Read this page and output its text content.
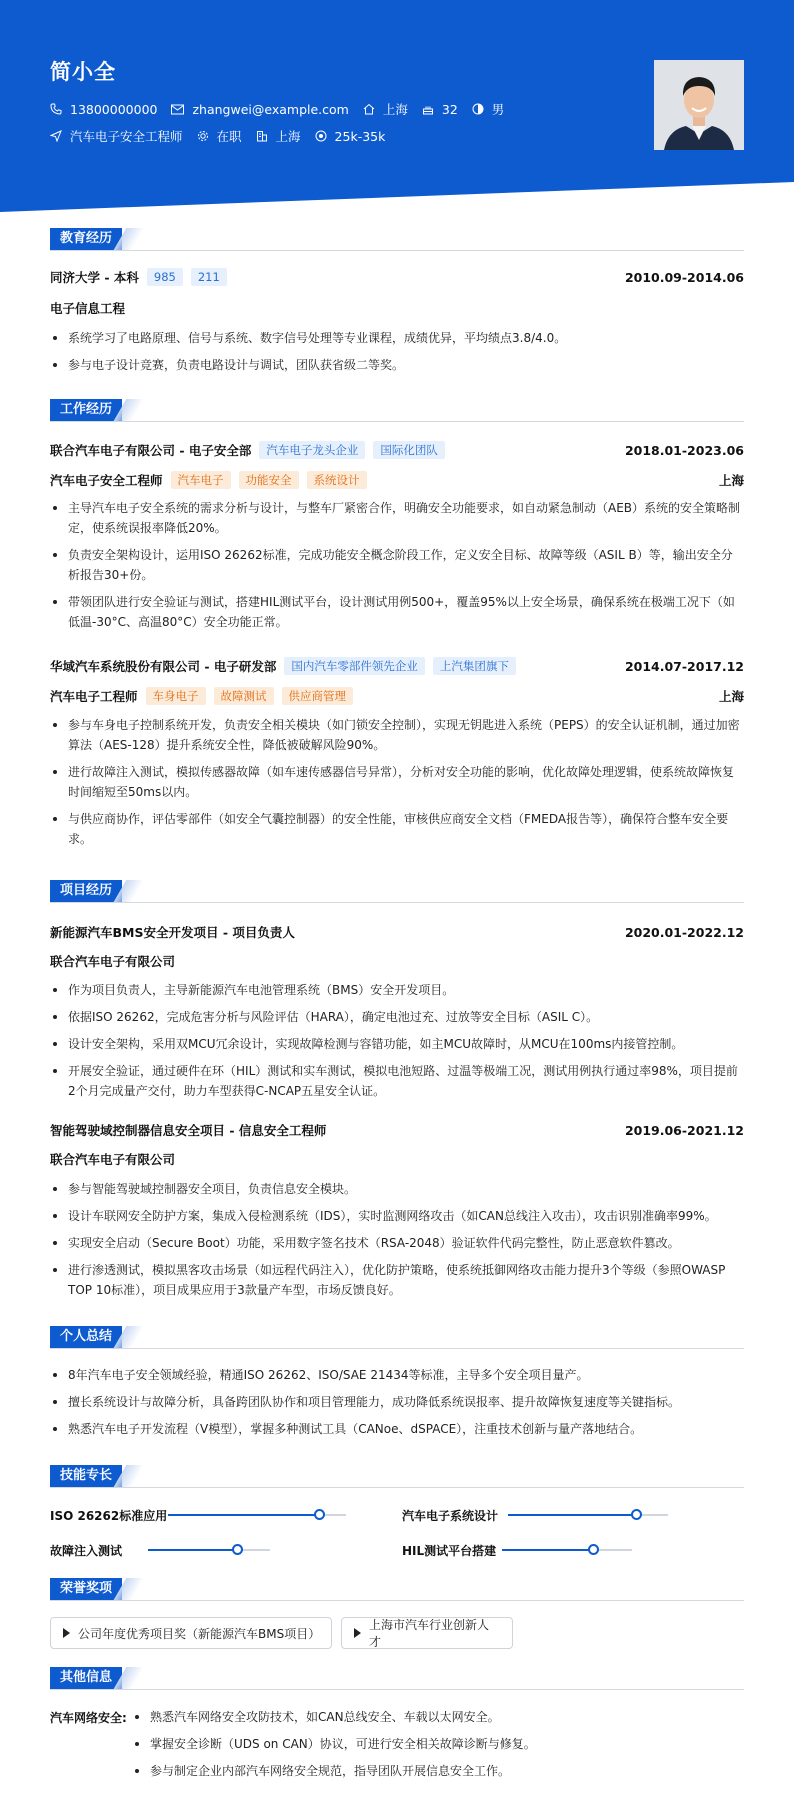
简小全
13800000000	zhangwei@example.com	上海	32	男
汽车电子安全工程师	在职	上海	25k-35k
教育经历
同济大学 - 本科	985	211	2010.09-2014.06
电子信息工程
系统学习了电路原理、信号与系统、数字信号处理等专业课程，成绩优异，平均绩点3.8/4.0。
参与电子设计竞赛，负责电路设计与调试，团队获省级二等奖。
工作经历
联合汽车电子有限公司 - 电子安全部	汽车电子龙头企业	国际化团队	2018.01-2023.06
汽车电子安全工程师	汽车电子	功能安全	系统设计	上海
主导汽车电子安全系统的需求分析与设计，与整车厂紧密合作，明确安全功能要求，如自动紧急制动（AEB）系统的安全策略制定，使系统误报率降低20%。
负责安全架构设计，运用ISO 26262标准，完成功能安全概念阶段工作，定义安全目标、故障等级（ASIL B）等，输出安全分析报告30+份。
带领团队进行安全验证与测试，搭建HIL测试平台，设计测试用例500+，覆盖95%以上安全场景，确保系统在极端工况下（如低温-30°C、高温80°C）安全功能正常。
华域汽车系统股份有限公司 - 电子研发部	国内汽车零部件领先企业	上汽集团旗下	2014.07-2017.12
汽车电子工程师	车身电子	故障测试	供应商管理	上海
参与车身电子控制系统开发，负责安全相关模块（如门锁安全控制），实现无钥匙进入系统（PEPS）的安全认证机制，通过加密算法（AES-128）提升系统安全性，降低被破解风险90%。
进行故障注入测试，模拟传感器故障（如车速传感器信号异常），分析对安全功能的影响，优化故障处理逻辑，使系统故障恢复时间缩短至50ms以内。
与供应商协作，评估零部件（如安全气囊控制器）的安全性能，审核供应商安全文档（FMEDA报告等），确保符合整车安全要求。
项目经历
新能源汽车BMS安全开发项目 - 项目负责人	2020.01-2022.12
联合汽车电子有限公司
作为项目负责人，主导新能源汽车电池管理系统（BMS）安全开发项目。
依据ISO 26262，完成危害分析与风险评估（HARA），确定电池过充、过放等安全目标（ASIL C）。
设计安全架构，采用双MCU冗余设计，实现故障检测与容错功能，如主MCU故障时，从MCU在100ms内接管控制。
开展安全验证，通过硬件在环（HIL）测试和实车测试，模拟电池短路、过温等极端工况，测试用例执行通过率98%，项目提前2个月完成量产交付，助力车型获得C-NCAP五星安全认证。
智能驾驶域控制器信息安全项目 - 信息安全工程师	2019.06-2021.12
联合汽车电子有限公司
参与智能驾驶域控制器安全项目，负责信息安全模块。
设计车联网安全防护方案，集成入侵检测系统（IDS），实时监测网络攻击（如CAN总线注入攻击），攻击识别准确率99%。
实现安全启动（Secure Boot）功能，采用数字签名技术（RSA-2048）验证软件代码完整性，防止恶意软件篡改。
进行渗透测试，模拟黑客攻击场景（如远程代码注入），优化防护策略，使系统抵御网络攻击能力提升3个等级（参照OWASP TOP 10标准），项目成果应用于3款量产车型，市场反馈良好。
个人总结
8年汽车电子安全领域经验，精通ISO 26262、ISO/SAE 21434等标准，主导多个安全项目量产。
擅长系统设计与故障分析，具备跨团队协作和项目管理能力，成功降低系统误报率、提升故障恢复速度等关键指标。
熟悉汽车电子开发流程（V模型），掌握多种测试工具（CANoe、dSPACE），注重技术创新与量产落地结合。
技能专长
ISO 26262标准应用	汽车电子系统设计
故障注入测试	HIL测试平台搭建
荣誉奖项
公司年度优秀项目奖（新能源汽车BMS项目）
上海市汽车行业创新人才
其他信息
汽车网络安全:	熟悉汽车网络安全攻防技术，如CAN总线安全、车载以太网安全。
掌握安全诊断（UDS on CAN）协议，可进行安全相关故障诊断与修复。
参与制定企业内部汽车网络安全规范，指导团队开展信息安全工作。
